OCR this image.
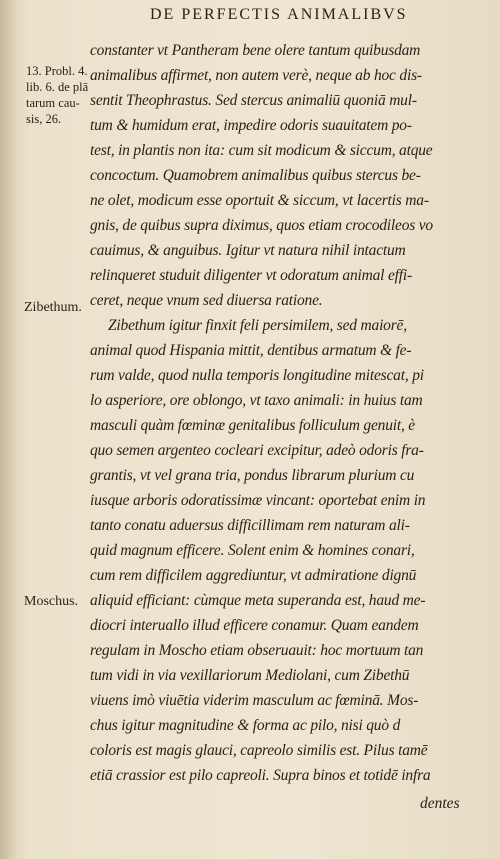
DE PERFECTIS ANIMALIBVS
13. Probl. 4.
lib. 6. de plā
tarum cau-
sis, 26.
Zibethum.
Moschus.
constanter vt Pantheram bene olere tantum quibusdam
animalibus affirmet, non autem verè, neque ab hoc dis-
sentit Theophrastus. Sed stercus animaliū quoniā mul-
tum & humidum erat, impedire odoris suauitatem po-
test, in plantis non ita: cum sit modicum & siccum, atque
concoctum. Quamobrem animalibus quibus stercus be-
ne olet, modicum esse oportuit & siccum, vt lacertis ma-
gnis, de quibus supra diximus, quos etiam crocodileos vo
cauimus, & anguibus. Igitur vt natura nihil intactum
relinqueret studuit diligenter vt odoratum animal effi-
ceret, neque vnum sed diuersa ratione.
Zibethum igitur finxit feli persimilem, sed maiorē,
animal quod Hispania mittit, dentibus armatum & fe-
rum valde, quod nulla temporis longitudine mitescat, pi
lo asperiore, ore oblongo, vt taxo animali: in huius tam
masculi quàm fœminæ genitalibus folliculum genuit, è
quo semen argenteo cocleari excipitur, adeò odoris fra-
grantis, vt vel grana tria, pondus librarum plurium cu
iusque arboris odoratissimæ vincant: oportebat enim in
tanto conatu aduersus difficillimam rem naturam ali-
quid magnum efficere. Solent enim & homines conari,
cum rem difficilem aggrediuntur, vt admiratione dignū
aliquid efficiant: cùmque meta superanda est, haud me-
diocri interuallo illud efficere conamur. Quam eandem
regulam in Moscho etiam obseruauit: hoc mortuum tan
tum vidi in via vexillariorum Mediolani, cum Zibethū
viuens imò viuētia viderim masculum ac fœminā. Mos-
chus igitur magnitudine & forma ac pilo, nisi quò d
coloris est magis glauci, capreolo similis est. Pilus tamē
etiā crassior est pilo capreoli. Supra binos et totidē infra
dentes
